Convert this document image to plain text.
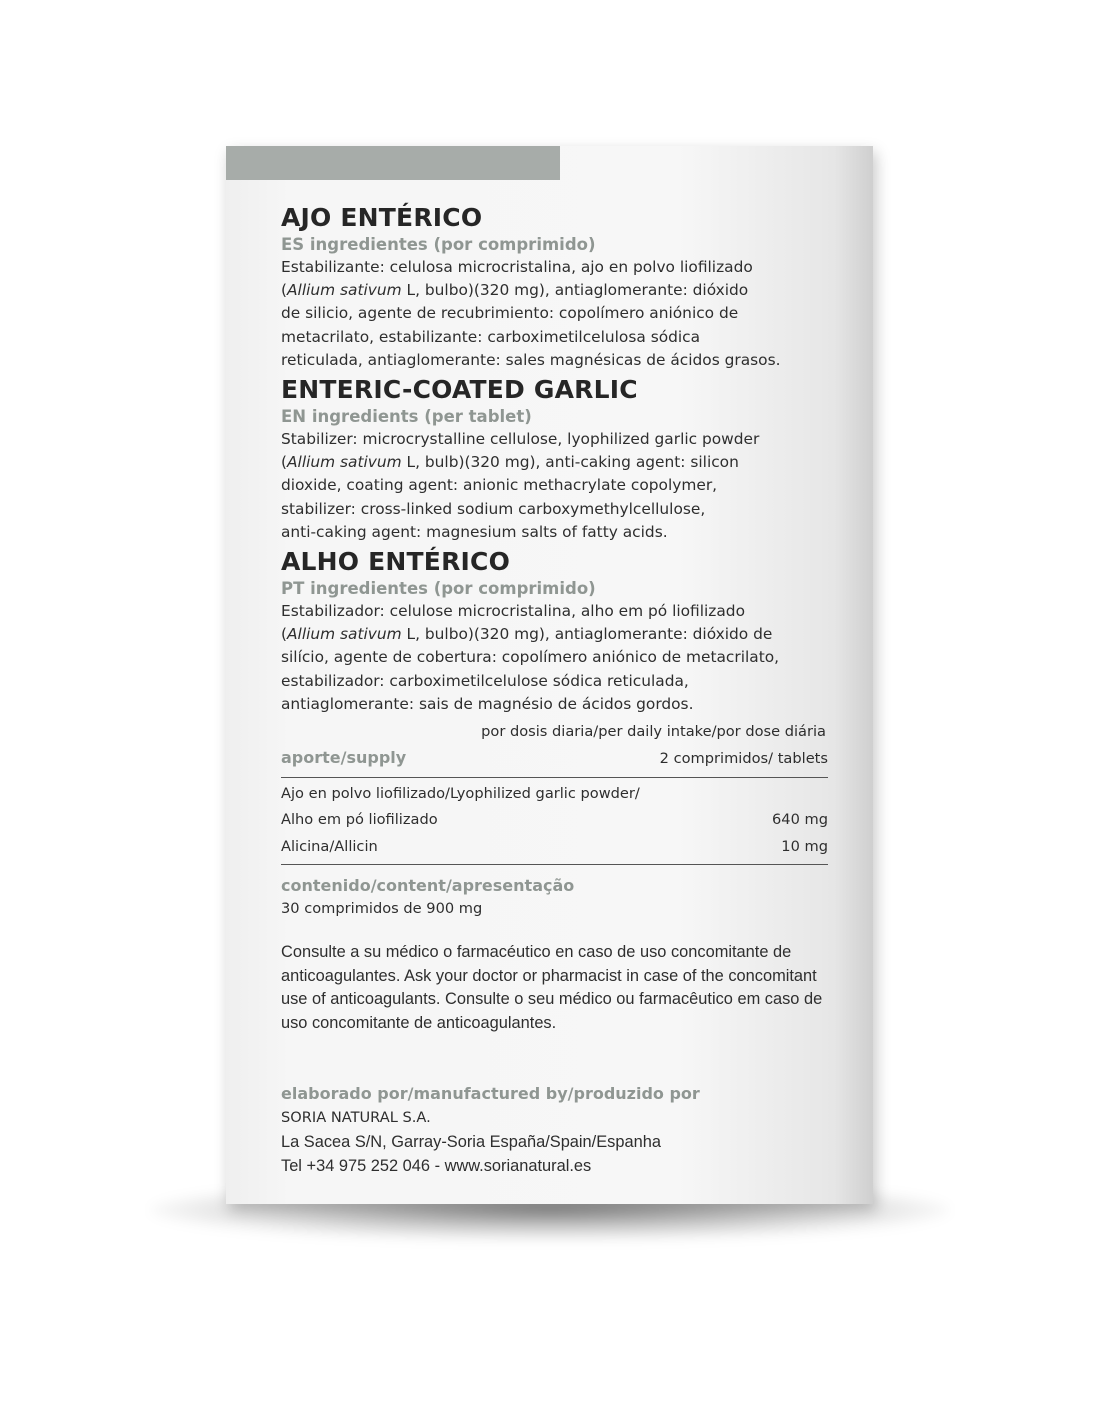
AJO ENTÉRICO
ES ingredientes (por comprimido)
Estabilizante: celulosa microcristalina, ajo en polvo liofilizado
(Allium sativum L, bulbo)(320 mg), antiaglomerante: dióxido
de silicio, agente de recubrimiento: copolímero aniónico de
metacrilato, estabilizante: carboximetilcelulosa sódica
reticulada, antiaglomerante: sales magnésicas de ácidos grasos.
ENTERIC-COATED GARLIC
EN ingredients (per tablet)
Stabilizer: microcrystalline cellulose, lyophilized garlic powder
(Allium sativum L, bulb)(320 mg), anti-caking agent: silicon
dioxide, coating agent: anionic methacrylate copolymer,
stabilizer: cross-linked sodium carboxymethylcellulose,
anti-caking agent: magnesium salts of fatty acids.
ALHO ENTÉRICO
PT ingredientes (por comprimido)
Estabilizador: celulose microcristalina, alho em pó liofilizado
(Allium sativum L, bulbo)(320 mg), antiaglomerante: dióxido de
silício, agente de cobertura: copolímero aniónico de metacrilato,
estabilizador: carboximetilcelulose sódica reticulada,
antiaglomerante: sais de magnésio de ácidos gordos.
por dosis diaria/per daily intake/por dose diária
aporte/supply	2 comprimidos/ tablets
Ajo en polvo liofilizado/Lyophilized garlic powder/
Alho em pó liofilizado	640 mg
Alicina/Allicin	10 mg
contenido/content/apresentação
30 comprimidos de 900 mg
Consulte a su médico o farmacéutico en caso de uso concomitante de
anticoagulantes. Ask your doctor or pharmacist in case of the concomitant
use of anticoagulants. Consulte o seu médico ou farmacêutico em caso de
uso concomitante de anticoagulantes.
elaborado por/manufactured by/produzido por
SORIA NATURAL S.A.
La Sacea S/N, Garray-Soria España/Spain/Espanha
Tel +34 975 252 046 - www.sorianatural.es
